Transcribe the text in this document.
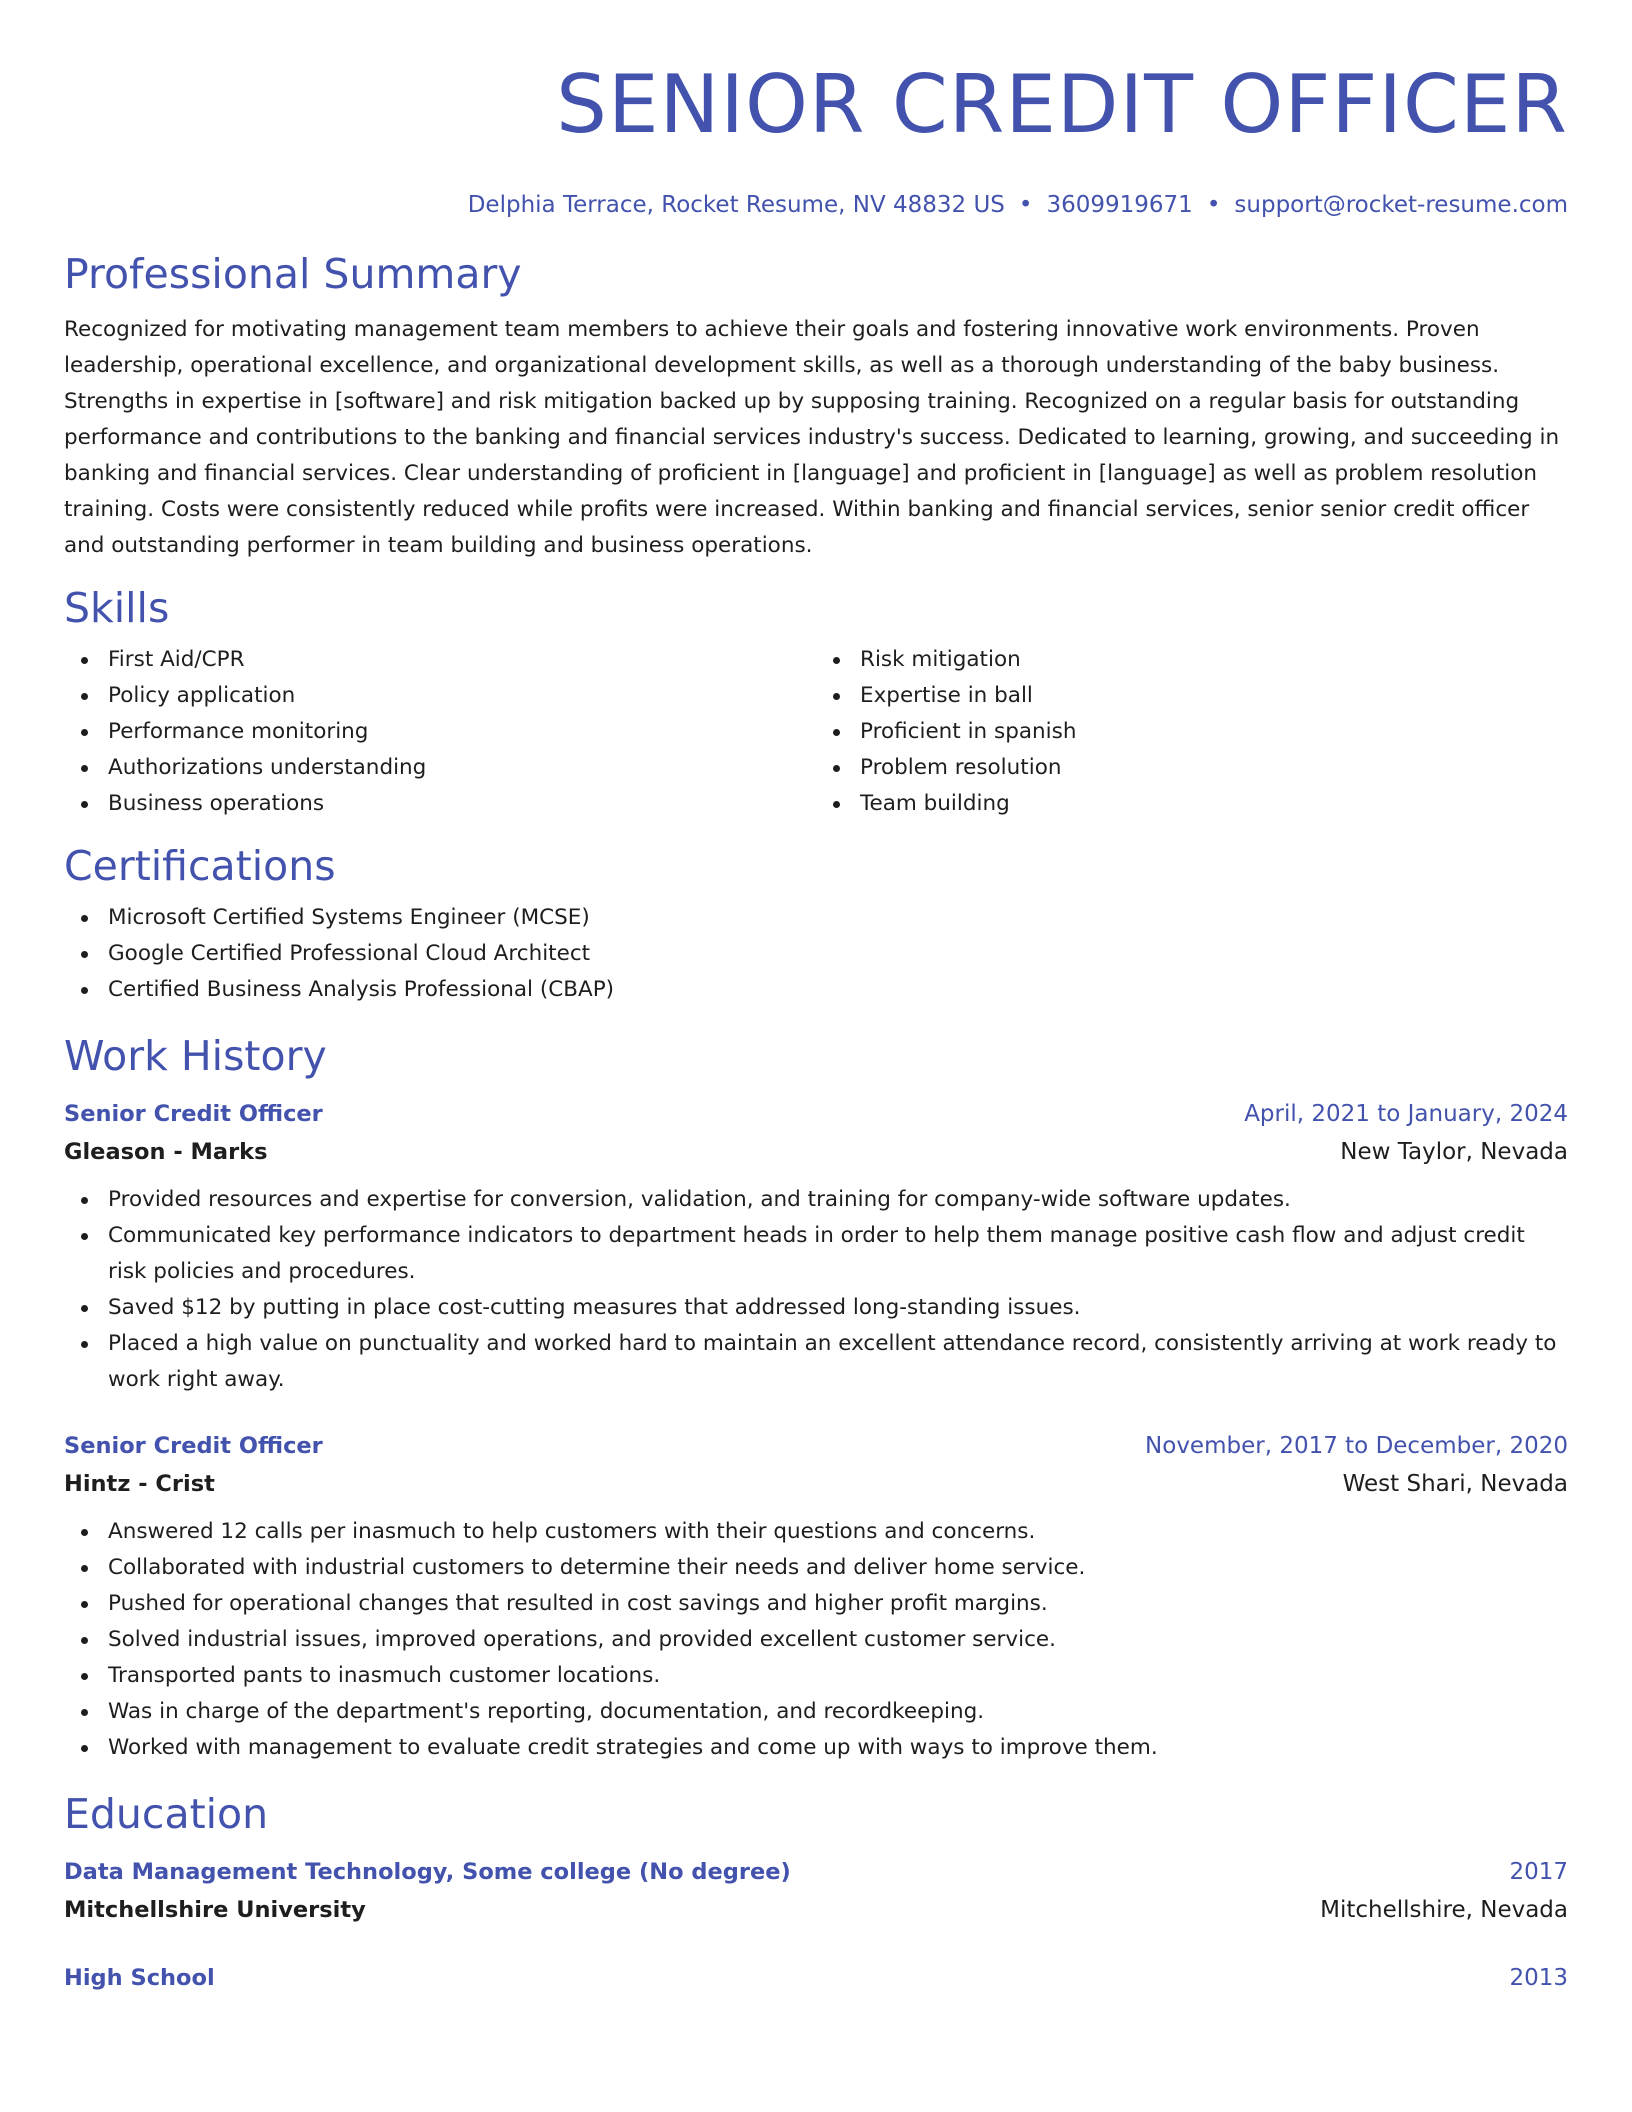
SENIOR CREDIT OFFICER
Delphia Terrace, Rocket Resume, NV 48832 US • 3609919671 • support@rocket-resume.com
Professional Summary

Recognized for motivating management team members to achieve their goals and fostering innovative work environments. Proven leadership, operational excellence, and organizational development skills, as well as a thorough understanding of the baby business. Strengths in expertise in [software] and risk mitigation backed up by supposing training. Recognized on a regular basis for outstanding performance and contributions to the banking and financial services industry's success. Dedicated to learning, growing, and succeeding in banking and financial services. Clear understanding of proficient in [language] and proficient in [language] as well as problem resolution training. Costs were consistently reduced while profits were increased. Within banking and financial services, senior senior credit officer and outstanding performer in team building and business operations.

Skills
First Aid/CPR
Policy application
Performance monitoring
Authorizations understanding
Business operations
Risk mitigation
Expertise in ball
Proficient in spanish
Problem resolution
Team building
Certifications
Microsoft Certified Systems Engineer (MCSE)
Google Certified Professional Cloud Architect
Certified Business Analysis Professional (CBAP)
Work History
Senior Credit Officer	April, 2021 to January, 2024
Gleason - Marks	New Taylor, Nevada
Provided resources and expertise for conversion, validation, and training for company-wide software updates.
Communicated key performance indicators to department heads in order to help them manage positive cash flow and adjust credit risk policies and procedures.
Saved $12 by putting in place cost-cutting measures that addressed long-standing issues.
Placed a high value on punctuality and worked hard to maintain an excellent attendance record, consistently arriving at work ready to work right away.
Senior Credit Officer	November, 2017 to December, 2020
Hintz - Crist	West Shari, Nevada
Answered 12 calls per inasmuch to help customers with their questions and concerns.
Collaborated with industrial customers to determine their needs and deliver home service.
Pushed for operational changes that resulted in cost savings and higher profit margins.
Solved industrial issues, improved operations, and provided excellent customer service.
Transported pants to inasmuch customer locations.
Was in charge of the department's reporting, documentation, and recordkeeping.
Worked with management to evaluate credit strategies and come up with ways to improve them.
Education
Data Management Technology, Some college (No degree)	2017
Mitchellshire University	Mitchellshire, Nevada
High School	2013
